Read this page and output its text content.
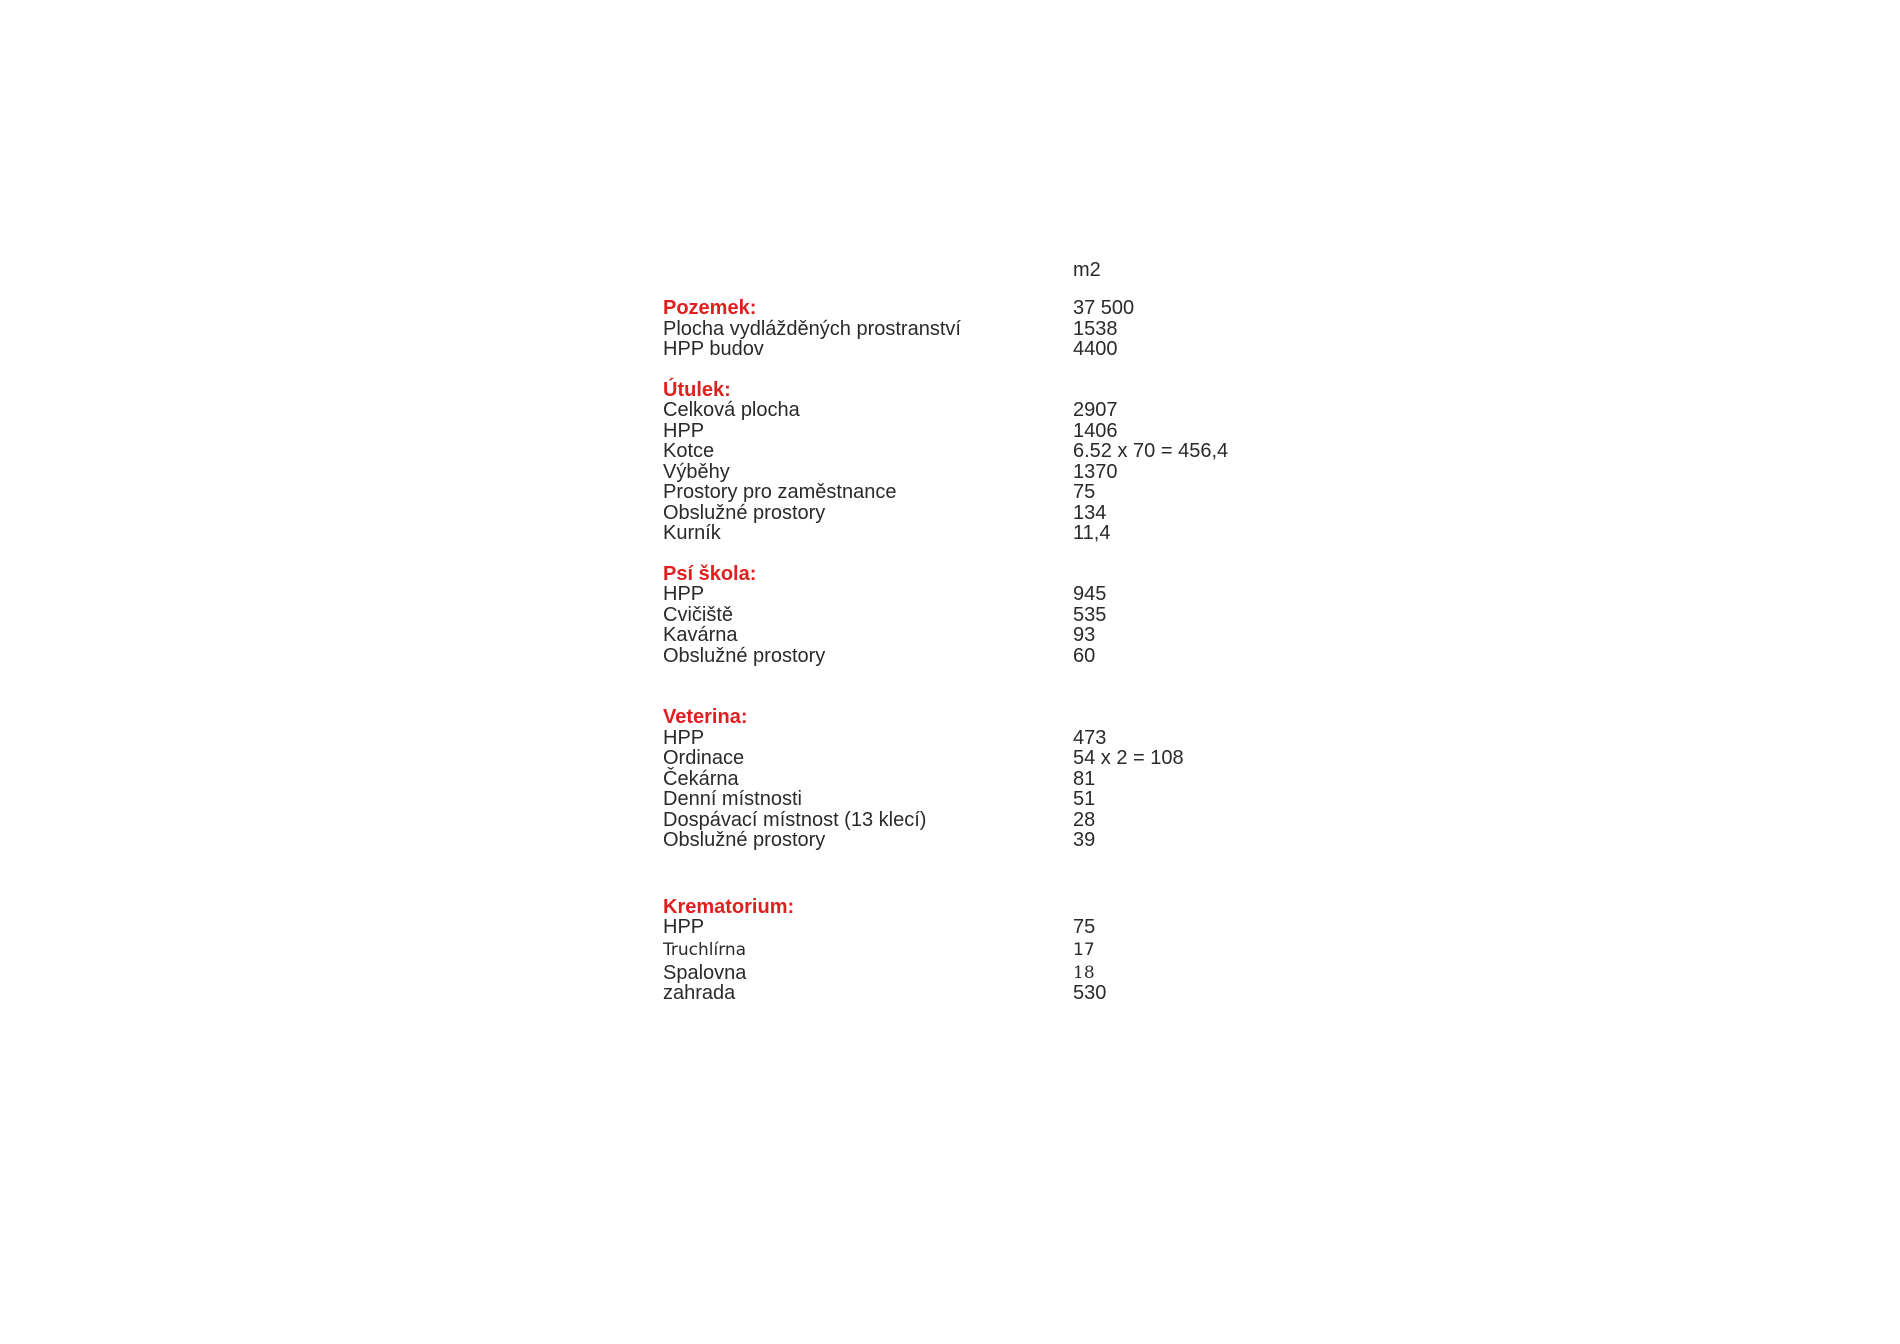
m2
Pozemek:	37 500
Plocha vydlážděných prostranství	1538
HPP budov	4400
Útulek:
Celková plocha	2907
HPP	1406
Kotce	6.52 x 70 = 456,4
Výběhy	1370
Prostory pro zaměstnance	75
Obslužné prostory	134
Kurník	11,4
Psí škola:
HPP	945
Cvičiště	535
Kavárna	93
Obslužné prostory	60
Veterina:
HPP	473
Ordinace	54 x 2 = 108
Čekárna	81
Denní místnosti	51
Dospávací místnost (13 klecí)	28
Obslužné prostory	39
Krematorium:
HPP	75
Truchlírna	17
Spalovna	18
zahrada	530
